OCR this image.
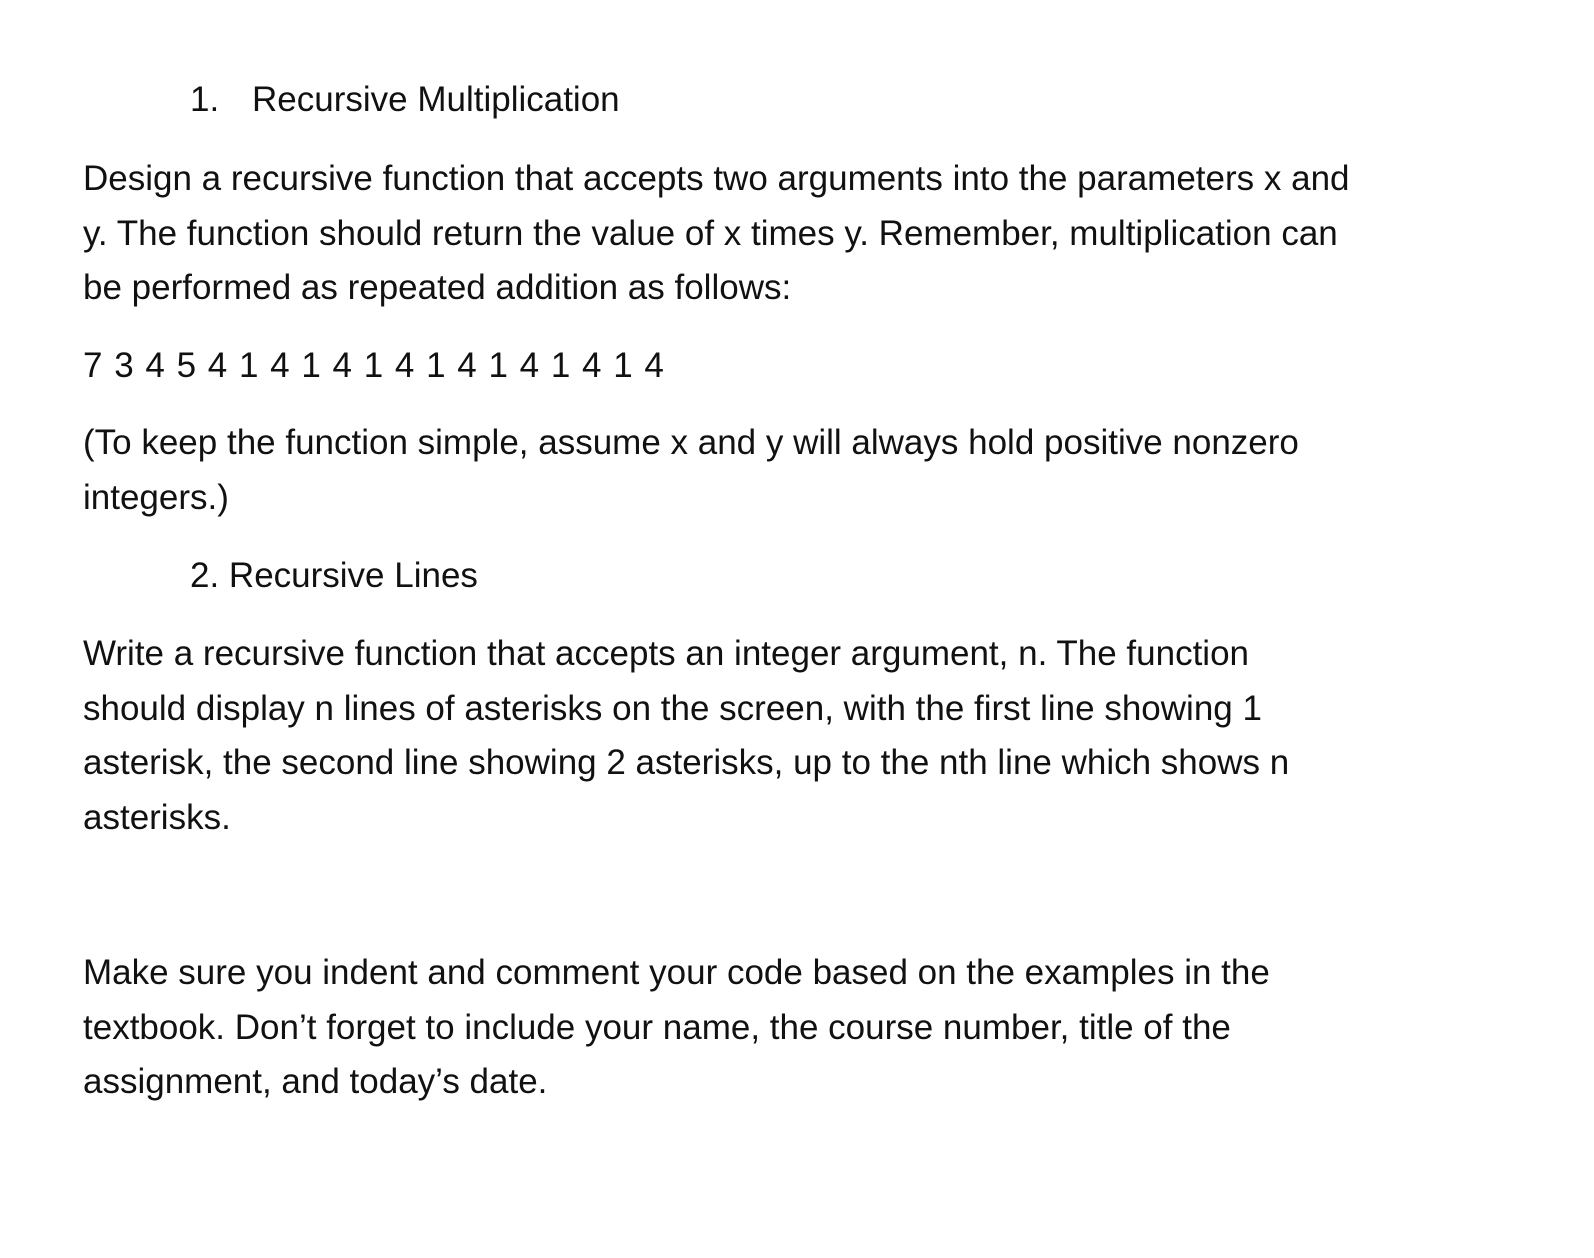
1. Recursive Multiplication
Design a recursive function that accepts two arguments into the parameters x and
y. The function should return the value of x times y. Remember, multiplication can
be performed as repeated addition as follows:
7 3 4 5 4 1 4 1 4 1 4 1 4 1 4 1 4 1 4
(To keep the function simple, assume x and y will always hold positive nonzero
integers.)
2. Recursive Lines
Write a recursive function that accepts an integer argument, n. The function
should display n lines of asterisks on the screen, with the first line showing 1
asterisk, the second line showing 2 asterisks, up to the nth line which shows n
asterisks.
Make sure you indent and comment your code based on the examples in the
textbook. Don’t forget to include your name, the course number, title of the
assignment, and today’s date.
